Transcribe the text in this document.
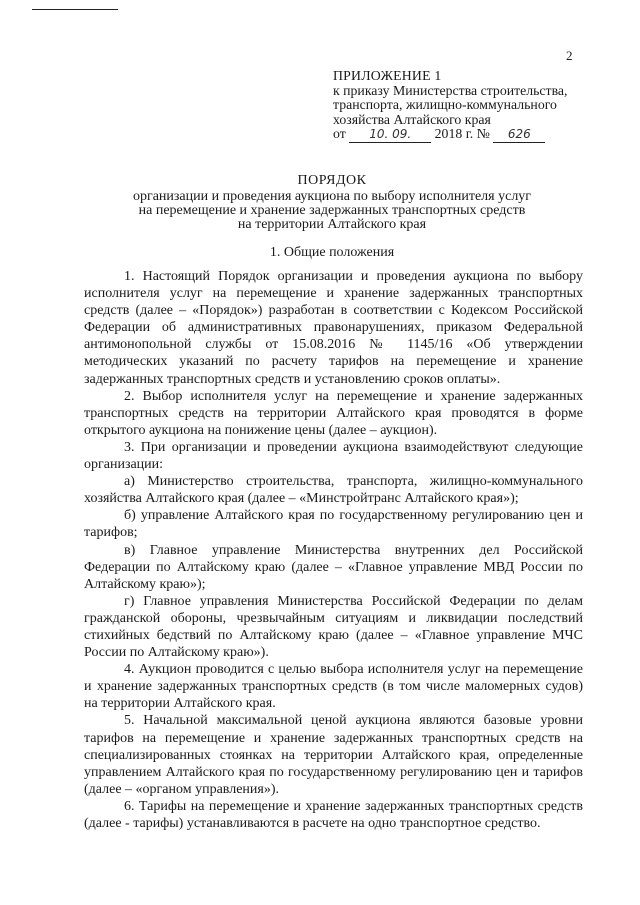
2
ПРИЛОЖЕНИЕ 1
к приказу Министерства строительства,
транспорта, жилищно-коммунального
хозяйства Алтайского края
от 10. 09. 2018 г. № 626
ПОРЯДОК
организации и проведения аукциона по выбору исполнителя услуг
на перемещение и хранение задержанных транспортных средств
на территории Алтайского края
1. Общие положения

1. Настоящий Порядок организации и проведения аукциона по выбору исполнителя услуг на перемещение и хранение задержанных транспортных средств (далее – «Порядок») разработан в соответствии с Кодексом Российской Федерации об административных правонарушениях, приказом Федеральной антимонопольной службы от 15.08.2016 № 1145/16 «Об утверждении методических указаний по расчету тарифов на перемещение и хранение задержанных транспортных средств и установлению сроков оплаты».

2. Выбор исполнителя услуг на перемещение и хранение задержанных транспортных средств на территории Алтайского края проводятся в форме открытого аукциона на понижение цены (далее – аукцион).

3. При организации и проведении аукциона взаимодействуют следующие организации:

а) Министерство строительства, транспорта, жилищно-коммунального хозяйства Алтайского края (далее – «Минстройтранс Алтайского края»);

б) управление Алтайского края по государственному регулированию цен и тарифов;

в) Главное управление Министерства внутренних дел Российской Федерации по Алтайскому краю (далее – «Главное управление МВД России по Алтайскому краю»);

г) Главное управления Министерства Российской Федерации по делам гражданской обороны, чрезвычайным ситуациям и ликвидации последствий стихийных бедствий по Алтайскому краю (далее – «Главное управление МЧС России по Алтайскому краю»).

4. Аукцион проводится с целью выбора исполнителя услуг на перемещение и хранение задержанных транспортных средств (в том числе маломерных судов) на территории Алтайского края.

5. Начальной максимальной ценой аукциона являются базовые уровни тарифов на перемещение и хранение задержанных транспортных средств на специализированных стоянках на территории Алтайского края, определенные управлением Алтайского края по государственному регулированию цен и тарифов (далее – «органом управления»).

6. Тарифы на перемещение и хранение задержанных транспортных средств (далее - тарифы) устанавливаются в расчете на одно транспортное средство.
